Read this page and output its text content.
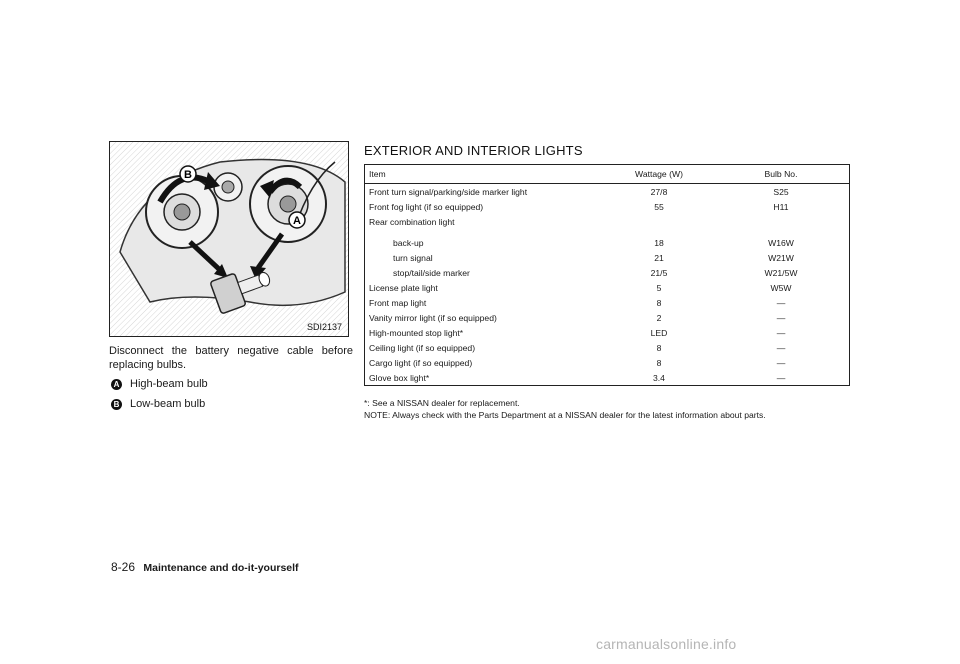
B
A
SDI2137
Disconnect the battery negative cable before replacing bulbs.
A High-beam bulb
B Low-beam bulb
EXTERIOR AND INTERIOR LIGHTS
Item	Wattage (W)	Bulb No.
Front turn signal/parking/side marker light	27/8	S25
Front fog light (if so equipped)	55	H11
Rear combination light		

back-up	18	W16W
turn signal	21	W21W
stop/tail/side marker	21/5	W21/5W
License plate light	5	W5W
Front map light	8	—
Vanity mirror light (if so equipped)	2	—
High-mounted stop light*	LED	—
Ceiling light (if so equipped)	8	—
Cargo light (if so equipped)	8	—
Glove box light*	3.4	—
*: See a NISSAN dealer for replacement.
NOTE: Always check with the Parts Department at a NISSAN dealer for the latest information about parts.
8-26 Maintenance and do-it-yourself
carmanualsonline.info
